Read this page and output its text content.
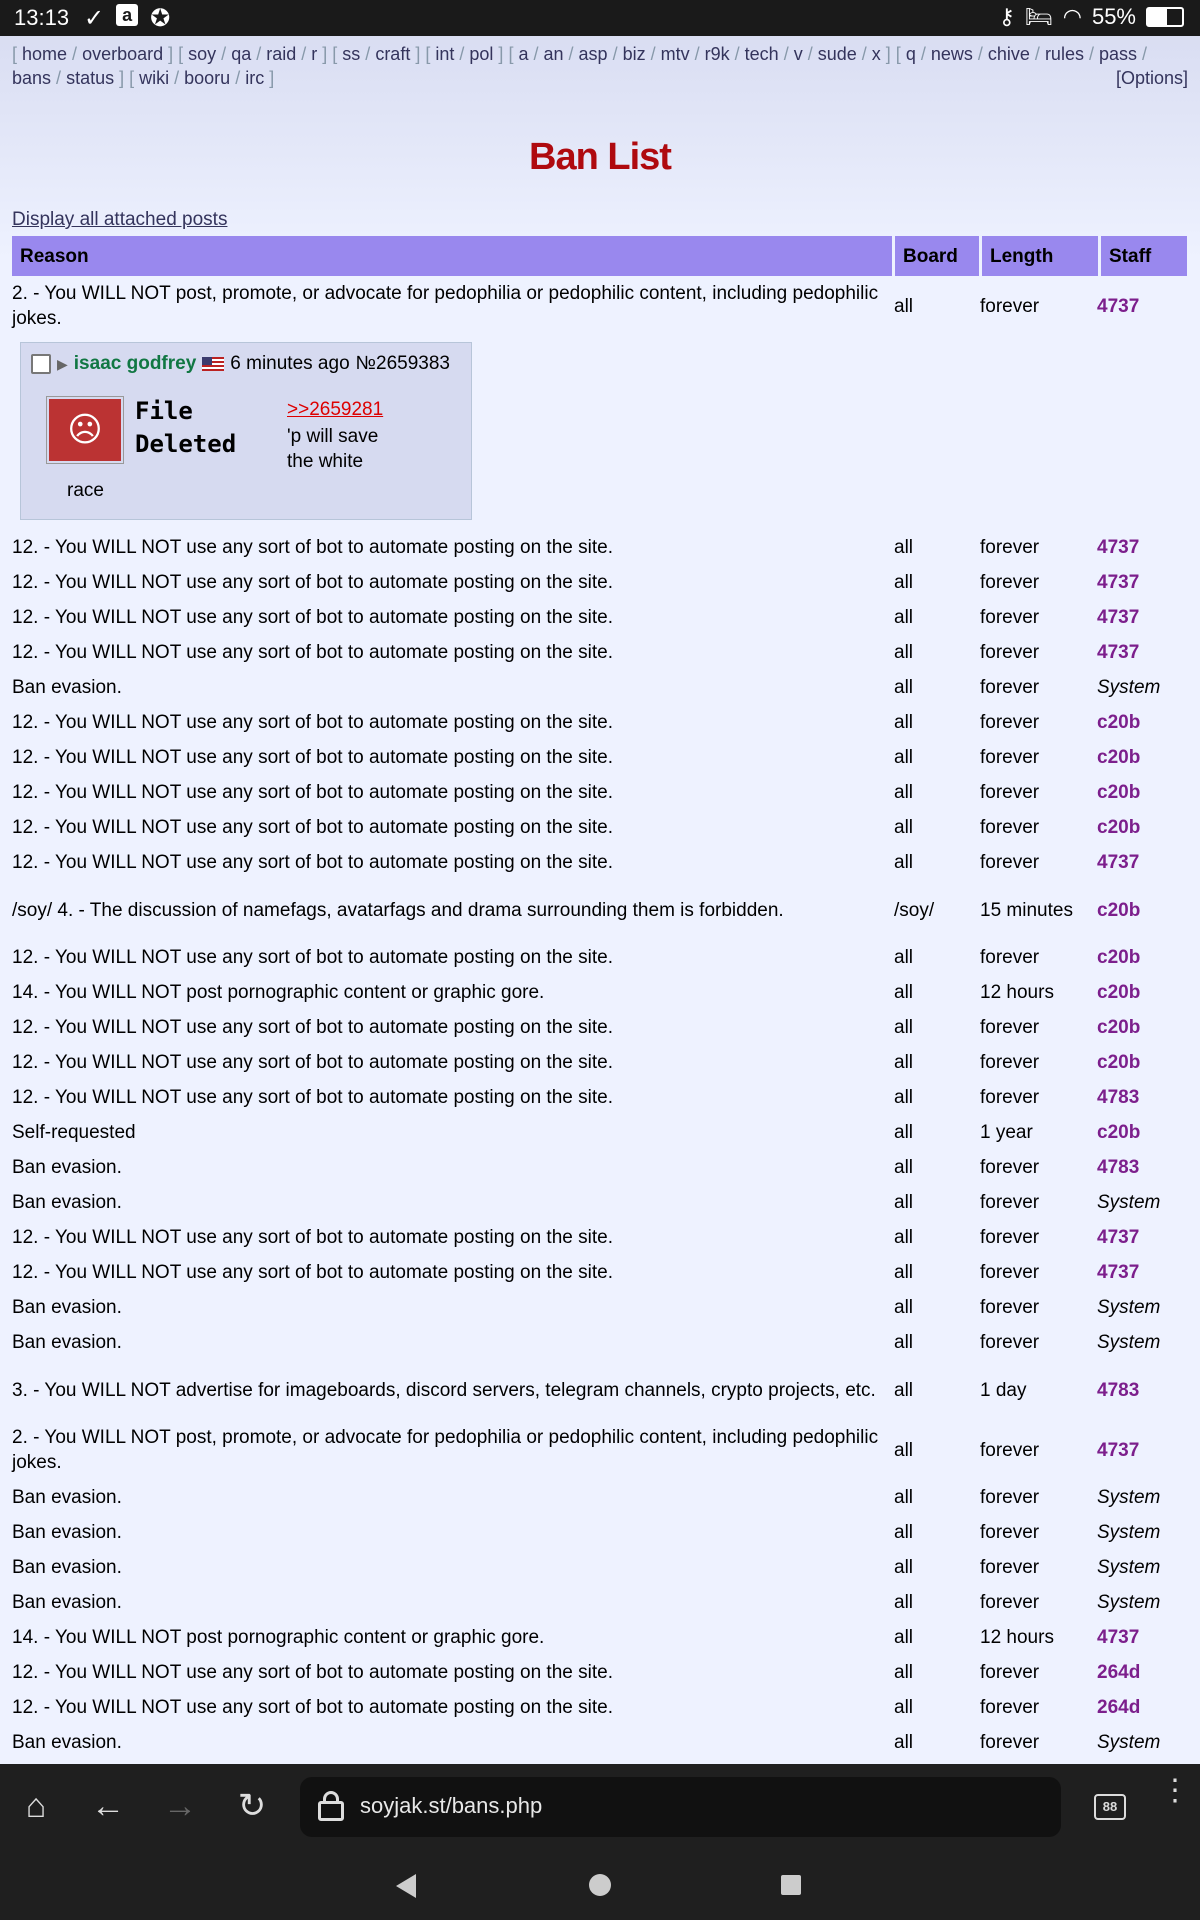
13:13 ✓ a ✪	⚷ 🛏 ◠ 55%
[ home / overboard ] [ soy / qa / raid / r ] [ ss / craft ] [ int / pol ] [ a / an / asp / biz / mtv / r9k / tech / v / sude / x ] [ q / news / chive / rules / pass / bans / status ] [ wiki / booru / irc ]	[Options]
Ban List
Display all attached posts
Reason	Board	Length	Staff
2. - You WILL NOT post, promote, or advocate for pedophilia or pedophilic content, including pedophilic jokes.
all	forever	4737
▶ isaac godfrey 6 minutes ago №2659383
☹	File
Deleted
>>2659281
'p will save the white
race
12. - You WILL NOT use any sort of bot to automate posting on the site.	all	forever	4737
12. - You WILL NOT use any sort of bot to automate posting on the site.	all	forever	4737
12. - You WILL NOT use any sort of bot to automate posting on the site.	all	forever	4737
12. - You WILL NOT use any sort of bot to automate posting on the site.	all	forever	4737
Ban evasion.	all	forever	System
12. - You WILL NOT use any sort of bot to automate posting on the site.	all	forever	c20b
12. - You WILL NOT use any sort of bot to automate posting on the site.	all	forever	c20b
12. - You WILL NOT use any sort of bot to automate posting on the site.	all	forever	c20b
12. - You WILL NOT use any sort of bot to automate posting on the site.	all	forever	c20b
12. - You WILL NOT use any sort of bot to automate posting on the site.	all	forever	4737
/soy/ 4. - The discussion of namefags, avatarfags and drama surrounding them is forbidden.	/soy/	15 minutes	c20b
12. - You WILL NOT use any sort of bot to automate posting on the site.	all	forever	c20b
14. - You WILL NOT post pornographic content or graphic gore.	all	12 hours	c20b
12. - You WILL NOT use any sort of bot to automate posting on the site.	all	forever	c20b
12. - You WILL NOT use any sort of bot to automate posting on the site.	all	forever	c20b
12. - You WILL NOT use any sort of bot to automate posting on the site.	all	forever	4783
Self-requested	all	1 year	c20b
Ban evasion.	all	forever	4783
Ban evasion.	all	forever	System
12. - You WILL NOT use any sort of bot to automate posting on the site.	all	forever	4737
12. - You WILL NOT use any sort of bot to automate posting on the site.	all	forever	4737
Ban evasion.	all	forever	System
Ban evasion.	all	forever	System
3. - You WILL NOT advertise for imageboards, discord servers, telegram channels, crypto projects, etc. all	1 day	4783
2. - You WILL NOT post, promote, or advocate for pedophilia or pedophilic content, including pedophilic jokes.
all	forever	4737
Ban evasion.	all	forever	System
Ban evasion.	all	forever	System
Ban evasion.	all	forever	System
Ban evasion.	all	forever	System
14. - You WILL NOT post pornographic content or graphic gore.	all	12 hours	4737
12. - You WILL NOT use any sort of bot to automate posting on the site.	all	forever	264d
12. - You WILL NOT use any sort of bot to automate posting on the site.	all	forever	264d
Ban evasion.	all	forever	System
⌂	←	→	↻	soyjak.st/bans.php	88 ⋮
